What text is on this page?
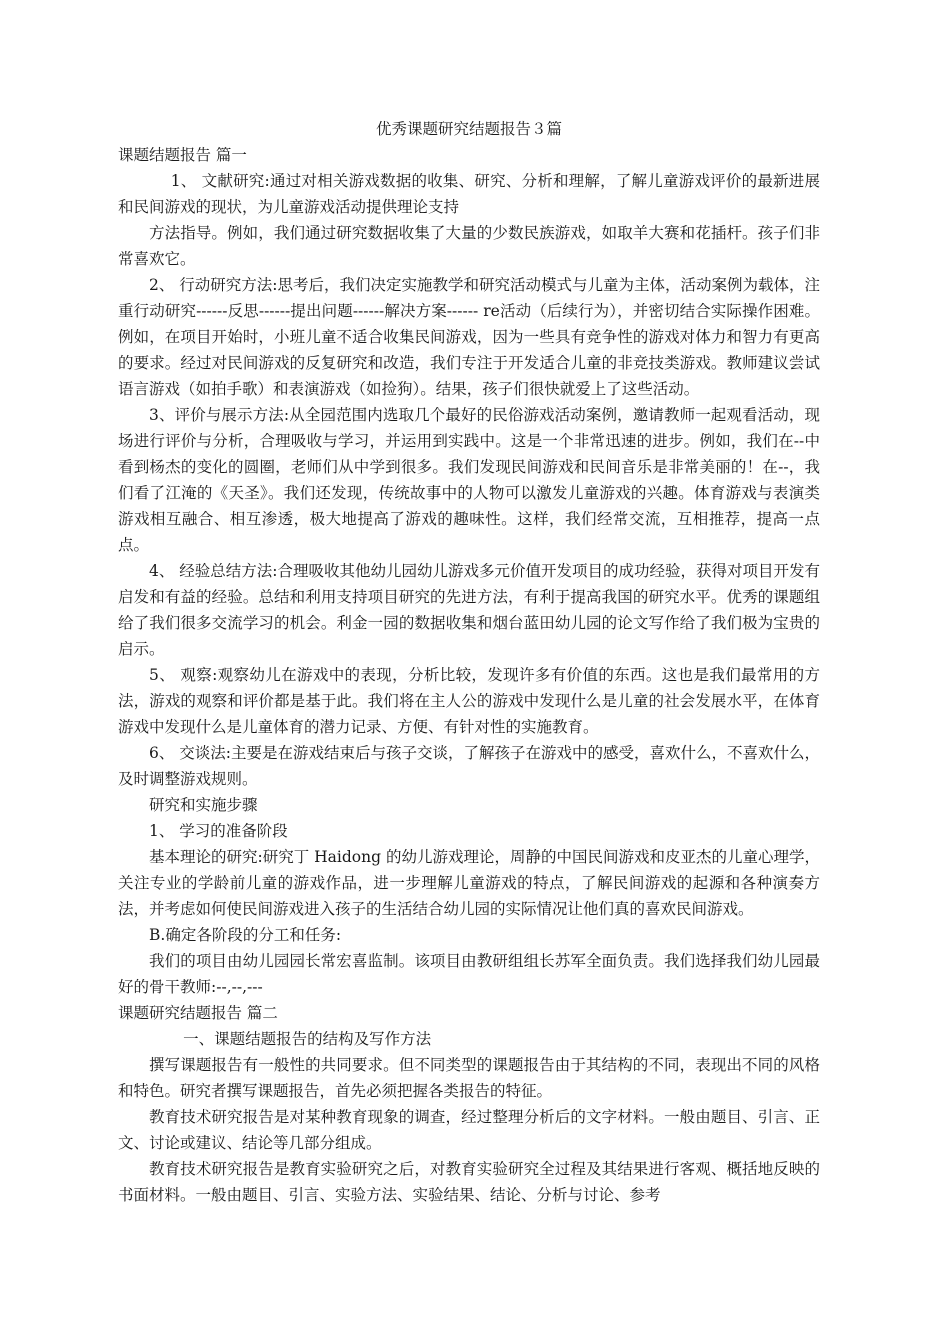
优秀课题研究结题报告３篇
课题结题报告 篇一

1、 文献研究:通过对相关游戏数据的收集、研究、分析和理解，了解儿童游戏评价的最新进展和民间游戏的现状，为儿童游戏活动提供理论支持

方法指导。例如，我们通过研究数据收集了大量的少数民族游戏，如取羊大赛和花插杆。孩子们非常喜欢它。

2、 行动研究方法:思考后，我们决定实施教学和研究活动模式与儿童为主体，活动案例为载体，注重行动研究------反思------提出问题------解决方案------ re活动（后续行为），并密切结合实际操作困难。例如，在项目开始时，小班儿童不适合收集民间游戏，因为一些具有竞争性的游戏对体力和智力有更高的要求。经过对民间游戏的反复研究和改造，我们专注于开发适合儿童的非竞技类游戏。教师建议尝试语言游戏（如拍手歌）和表演游戏（如捡狗）。结果，孩子们很快就爱上了这些活动。

3、评价与展示方法:从全园范围内选取几个最好的民俗游戏活动案例，邀请教师一起观看活动，现场进行评价与分析，合理吸收与学习，并运用到实践中。这是一个非常迅速的进步。例如，我们在--中看到杨杰的变化的圆圈，老师们从中学到很多。我们发现民间游戏和民间音乐是非常美丽的！在--，我们看了江淹的《天圣》。我们还发现，传统故事中的人物可以激发儿童游戏的兴趣。体育游戏与表演类游戏相互融合、相互渗透，极大地提高了游戏的趣味性。这样，我们经常交流，互相推荐，提高一点点。

4、 经验总结方法:合理吸收其他幼儿园幼儿游戏多元价值开发项目的成功经验，获得对项目开发有启发和有益的经验。总结和利用支持项目研究的先进方法，有利于提高我国的研究水平。优秀的课题组给了我们很多交流学习的机会。利金一园的数据收集和烟台蓝田幼儿园的论文写作给了我们极为宝贵的启示。

5、 观察:观察幼儿在游戏中的表现，分析比较，发现许多有价值的东西。这也是我们最常用的方法，游戏的观察和评价都是基于此。我们将在主人公的游戏中发现什么是儿童的社会发展水平，在体育游戏中发现什么是儿童体育的潜力记录、方便、有针对性的实施教育。

6、 交谈法:主要是在游戏结束后与孩子交谈，了解孩子在游戏中的感受，喜欢什么，不喜欢什么，及时调整游戏规则。

研究和实施步骤

1、 学习的准备阶段

基本理论的研究:研究丁 Haidong 的幼儿游戏理论，周静的中国民间游戏和皮亚杰的儿童心理学，关注专业的学龄前儿童的游戏作品，进一步理解儿童游戏的特点，了解民间游戏的起源和各种演奏方法，并考虑如何使民间游戏进入孩子的生活结合幼儿园的实际情况让他们真的喜欢民间游戏。

B.确定各阶段的分工和任务:

我们的项目由幼儿园园长常宏喜监制。该项目由教研组组长苏军全面负责。我们选择我们幼儿园最好的骨干教师:--,--,---

课题研究结题报告 篇二

一、课题结题报告的结构及写作方法

撰写课题报告有一般性的共同要求。但不同类型的课题报告由于其结构的不同，表现出不同的风格和特色。研究者撰写课题报告，首先必须把握各类报告的特征。

教育技术研究报告是对某种教育现象的调查，经过整理分析后的文字材料。一般由题目、引言、正文、讨论或建议、结论等几部分组成。

教育技术研究报告是教育实验研究之后，对教育实验研究全过程及其结果进行客观、概括地反映的书面材料。一般由题目、引言、实验方法、实验结果、结论、分析与讨论、参考
